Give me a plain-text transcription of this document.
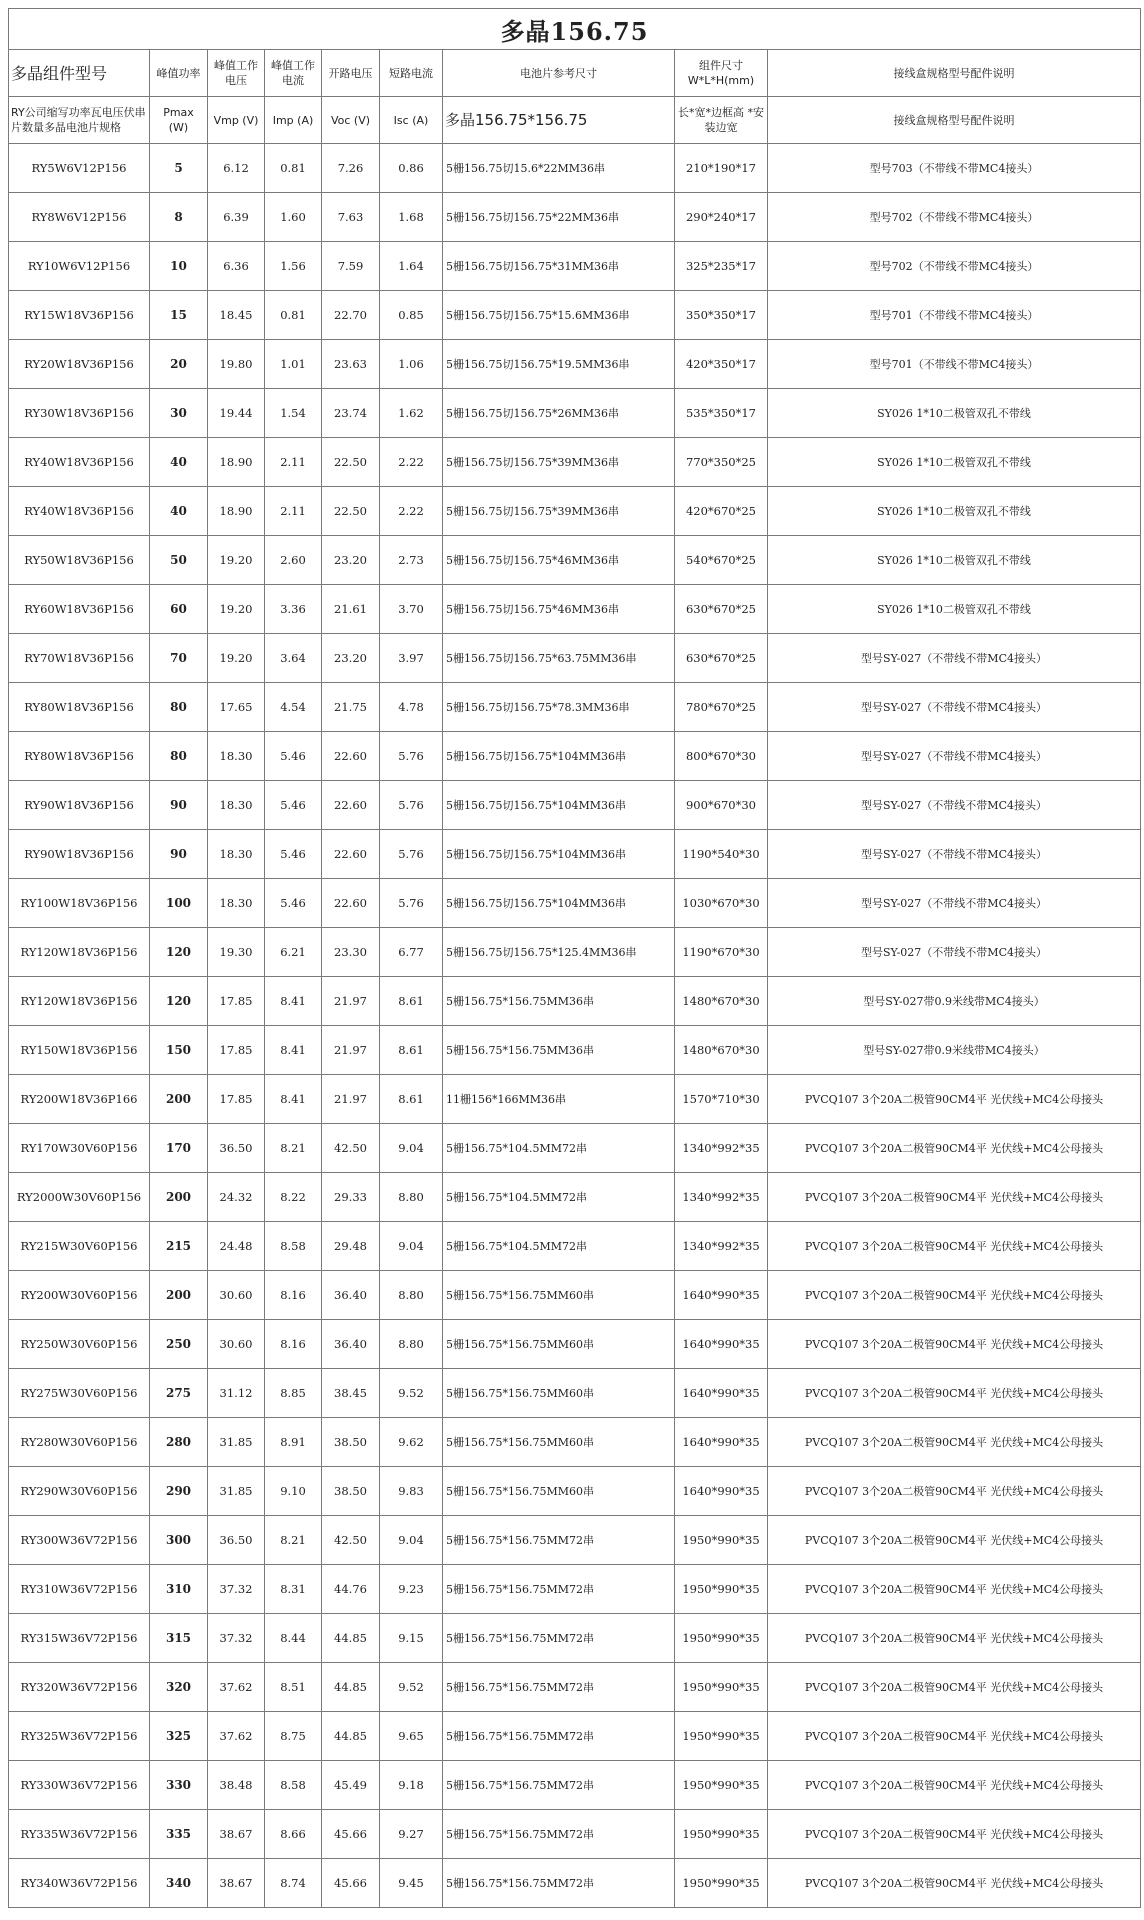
多晶156.75								
多晶组件型号	峰值功率	峰值工作电压	峰值工作电流	开路电压	短路电流	电池片参考尺寸	组件尺寸 W*L*H(mm)	接线盒规格型号配件说明
RY公司缩写功率瓦电压伏串片数量多晶电池片规格	Pmax (W)	Vmp (V)	Imp (A)	Voc (V)	Isc (A)	多晶156.75*156.75	长*宽*边框高 *安装边宽	接线盒规格型号配件说明
RY5W6V12P156	5	6.12	0.81	7.26	0.86	5栅156.75切15.6*22MM36串	210*190*17	型号703（不带线不带MC4接头）
RY8W6V12P156	8	6.39	1.60	7.63	1.68	5栅156.75切156.75*22MM36串	290*240*17	型号702（不带线不带MC4接头）
RY10W6V12P156	10	6.36	1.56	7.59	1.64	5栅156.75切156.75*31MM36串	325*235*17	型号702（不带线不带MC4接头）
RY15W18V36P156	15	18.45	0.81	22.70	0.85	5栅156.75切156.75*15.6MM36串	350*350*17	型号701（不带线不带MC4接头）
RY20W18V36P156	20	19.80	1.01	23.63	1.06	5栅156.75切156.75*19.5MM36串	420*350*17	型号701（不带线不带MC4接头）
RY30W18V36P156	30	19.44	1.54	23.74	1.62	5栅156.75切156.75*26MM36串	535*350*17	SY026 1*10二极管双孔不带线
RY40W18V36P156	40	18.90	2.11	22.50	2.22	5栅156.75切156.75*39MM36串	770*350*25	SY026 1*10二极管双孔不带线
RY40W18V36P156	40	18.90	2.11	22.50	2.22	5栅156.75切156.75*39MM36串	420*670*25	SY026 1*10二极管双孔不带线
RY50W18V36P156	50	19.20	2.60	23.20	2.73	5栅156.75切156.75*46MM36串	540*670*25	SY026 1*10二极管双孔不带线
RY60W18V36P156	60	19.20	3.36	21.61	3.70	5栅156.75切156.75*46MM36串	630*670*25	SY026 1*10二极管双孔不带线
RY70W18V36P156	70	19.20	3.64	23.20	3.97	5栅156.75切156.75*63.75MM36串	630*670*25	型号SY-027（不带线不带MC4接头）
RY80W18V36P156	80	17.65	4.54	21.75	4.78	5栅156.75切156.75*78.3MM36串	780*670*25	型号SY-027（不带线不带MC4接头）
RY80W18V36P156	80	18.30	5.46	22.60	5.76	5栅156.75切156.75*104MM36串	800*670*30	型号SY-027（不带线不带MC4接头）
RY90W18V36P156	90	18.30	5.46	22.60	5.76	5栅156.75切156.75*104MM36串	900*670*30	型号SY-027（不带线不带MC4接头）
RY90W18V36P156	90	18.30	5.46	22.60	5.76	5栅156.75切156.75*104MM36串	1190*540*30	型号SY-027（不带线不带MC4接头）
RY100W18V36P156	100	18.30	5.46	22.60	5.76	5栅156.75切156.75*104MM36串	1030*670*30	型号SY-027（不带线不带MC4接头）
RY120W18V36P156	120	19.30	6.21	23.30	6.77	5栅156.75切156.75*125.4MM36串	1190*670*30	型号SY-027（不带线不带MC4接头）
RY120W18V36P156	120	17.85	8.41	21.97	8.61	5栅156.75*156.75MM36串	1480*670*30	型号SY-027带0.9米线带MC4接头）
RY150W18V36P156	150	17.85	8.41	21.97	8.61	5栅156.75*156.75MM36串	1480*670*30	型号SY-027带0.9米线带MC4接头）
RY200W18V36P166	200	17.85	8.41	21.97	8.61	11栅156*166MM36串	1570*710*30	PVCQ107 3个20A二极管90CM4平 光伏线+MC4公母接头
RY170W30V60P156	170	36.50	8.21	42.50	9.04	5栅156.75*104.5MM72串	1340*992*35	PVCQ107 3个20A二极管90CM4平 光伏线+MC4公母接头
RY2000W30V60P156	200	24.32	8.22	29.33	8.80	5栅156.75*104.5MM72串	1340*992*35	PVCQ107 3个20A二极管90CM4平 光伏线+MC4公母接头
RY215W30V60P156	215	24.48	8.58	29.48	9.04	5栅156.75*104.5MM72串	1340*992*35	PVCQ107 3个20A二极管90CM4平 光伏线+MC4公母接头
RY200W30V60P156	200	30.60	8.16	36.40	8.80	5栅156.75*156.75MM60串	1640*990*35	PVCQ107 3个20A二极管90CM4平 光伏线+MC4公母接头
RY250W30V60P156	250	30.60	8.16	36.40	8.80	5栅156.75*156.75MM60串	1640*990*35	PVCQ107 3个20A二极管90CM4平 光伏线+MC4公母接头
RY275W30V60P156	275	31.12	8.85	38.45	9.52	5栅156.75*156.75MM60串	1640*990*35	PVCQ107 3个20A二极管90CM4平 光伏线+MC4公母接头
RY280W30V60P156	280	31.85	8.91	38.50	9.62	5栅156.75*156.75MM60串	1640*990*35	PVCQ107 3个20A二极管90CM4平 光伏线+MC4公母接头
RY290W30V60P156	290	31.85	9.10	38.50	9.83	5栅156.75*156.75MM60串	1640*990*35	PVCQ107 3个20A二极管90CM4平 光伏线+MC4公母接头
RY300W36V72P156	300	36.50	8.21	42.50	9.04	5栅156.75*156.75MM72串	1950*990*35	PVCQ107 3个20A二极管90CM4平 光伏线+MC4公母接头
RY310W36V72P156	310	37.32	8.31	44.76	9.23	5栅156.75*156.75MM72串	1950*990*35	PVCQ107 3个20A二极管90CM4平 光伏线+MC4公母接头
RY315W36V72P156	315	37.32	8.44	44.85	9.15	5栅156.75*156.75MM72串	1950*990*35	PVCQ107 3个20A二极管90CM4平 光伏线+MC4公母接头
RY320W36V72P156	320	37.62	8.51	44.85	9.52	5栅156.75*156.75MM72串	1950*990*35	PVCQ107 3个20A二极管90CM4平 光伏线+MC4公母接头
RY325W36V72P156	325	37.62	8.75	44.85	9.65	5栅156.75*156.75MM72串	1950*990*35	PVCQ107 3个20A二极管90CM4平 光伏线+MC4公母接头
RY330W36V72P156	330	38.48	8.58	45.49	9.18	5栅156.75*156.75MM72串	1950*990*35	PVCQ107 3个20A二极管90CM4平 光伏线+MC4公母接头
RY335W36V72P156	335	38.67	8.66	45.66	9.27	5栅156.75*156.75MM72串	1950*990*35	PVCQ107 3个20A二极管90CM4平 光伏线+MC4公母接头
RY340W36V72P156	340	38.67	8.74	45.66	9.45	5栅156.75*156.75MM72串	1950*990*35	PVCQ107 3个20A二极管90CM4平 光伏线+MC4公母接头
